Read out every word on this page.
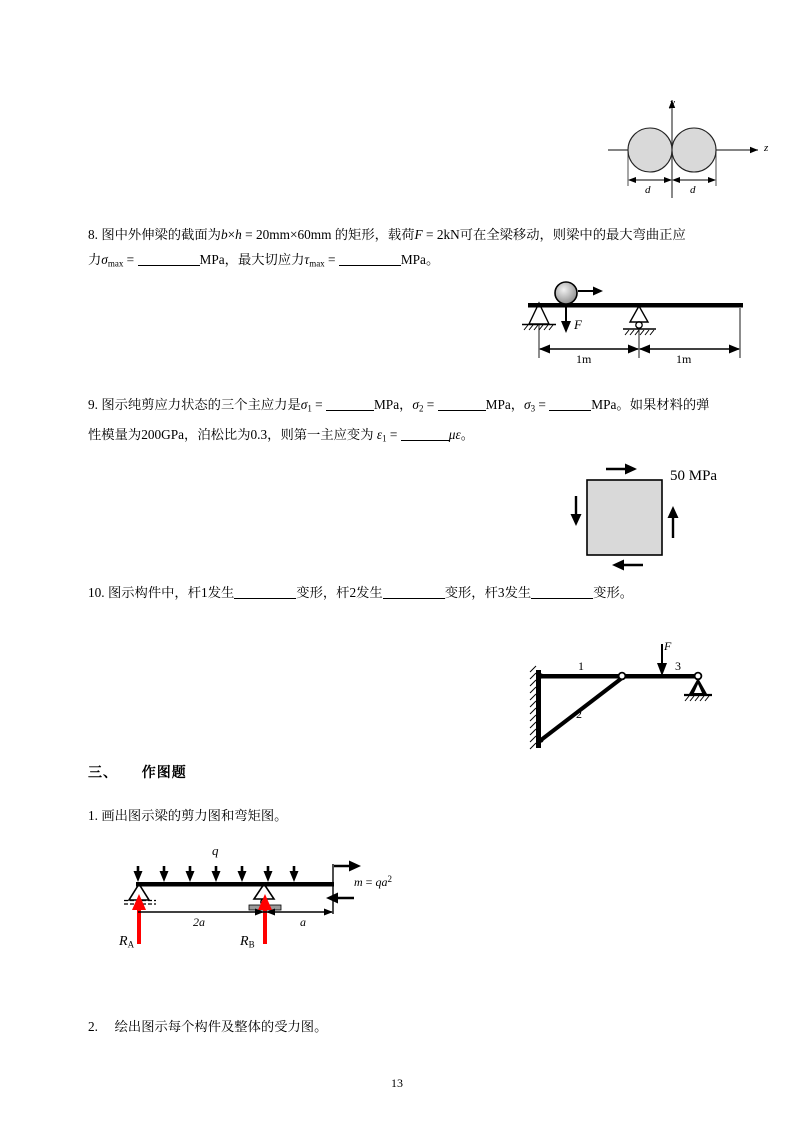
y
z
d	d
8. 图中外伸梁的截面为b×h = 20mm×60mm 的矩形，载荷F = 2kN可在全梁移动，则梁中的最大弯曲正应
力$\sigma_{max}$ =	MPa，最大切应力$\tau_{max}$ =	MPa。
F
1m	1m
9. 图示纯剪应力状态的三个主应力是$\sigma_1$ =	MPa，$\sigma_2$ =	MPa，$\sigma_3$ =	MPa。如果材料的弹
性模量为200GPa，泊松比为0.3，则第一主应变为 $\varepsilon_1$ =	με。
50 MPa
10. 图示构件中，杆1发生	变形，杆2发生	变形，杆3发生	变形。
1
2
3
F
三、 作图题
1. 画出图示梁的剪力图和弯矩图。
q
$m = qa^2$
2a	a
$R_A$	$R_B$
2. 绘出图示每个构件及整体的受力图。
13
